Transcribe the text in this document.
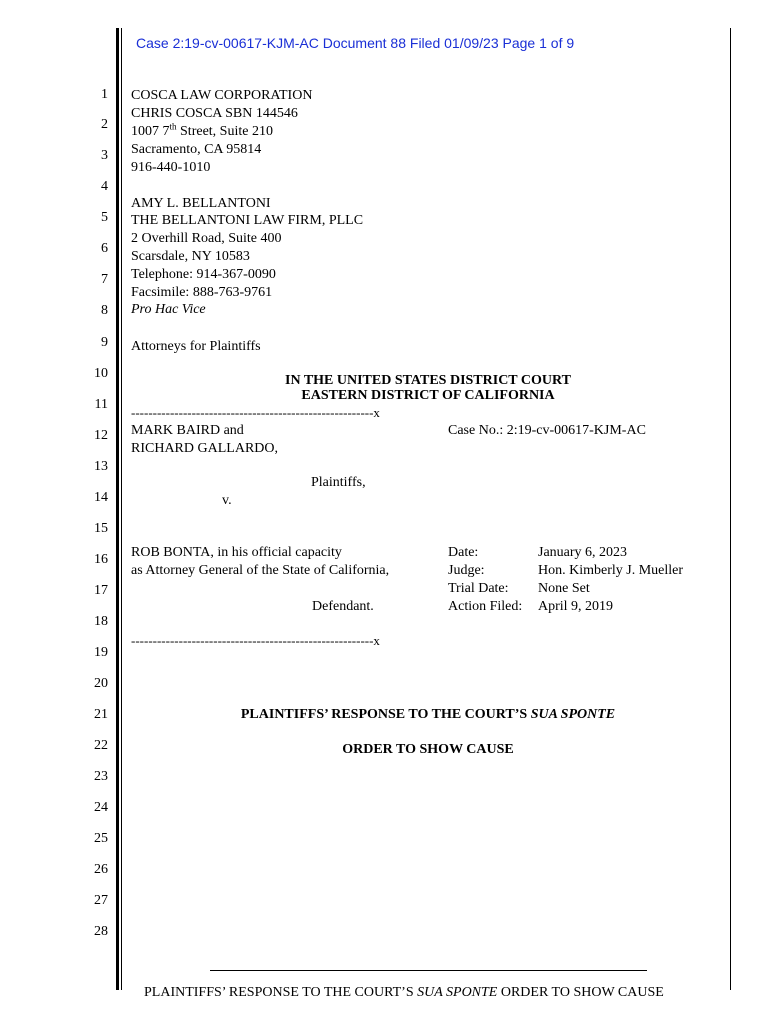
Case 2:19-cv-00617-KJM-AC Document 88 Filed 01/09/23 Page 1 of 9
1
2
3
4
5
6
7
8
9
10
11
12
13
14
15
16
17
18
19
20
21
22
23
24
25
26
27
28
COSCA LAW CORPORATION
CHRIS COSCA SBN 144546
1007 7th Street, Suite 210
Sacramento, CA 95814
916-440-1010
AMY L. BELLANTONI
THE BELLANTONI LAW FIRM, PLLC
2 Overhill Road, Suite 400
Scarsdale, NY 10583
Telephone: 914-367-0090
Facsimile: 888-763-9761
Pro Hac Vice
Attorneys for Plaintiffs
IN THE UNITED STATES DISTRICT COURT
EASTERN DISTRICT OF CALIFORNIA
--------------------------------------------------------x
MARK BAIRD and
RICHARD GALLARDO,
Case No.: 2:19-cv-00617-KJM-AC
Plaintiffs,
v.
ROB BONTA, in his official capacity
as Attorney General of the State of California,
Defendant.
Date:	January 6, 2023
Judge:	Hon. Kimberly J. Mueller
Trial Date: None Set
Action Filed: April 9, 2019
--------------------------------------------------------x
PLAINTIFFS’ RESPONSE TO THE COURT’S SUA SPONTE
ORDER TO SHOW CAUSE
PLAINTIFFS’ RESPONSE TO THE COURT’S SUA SPONTE ORDER TO SHOW CAUSE
